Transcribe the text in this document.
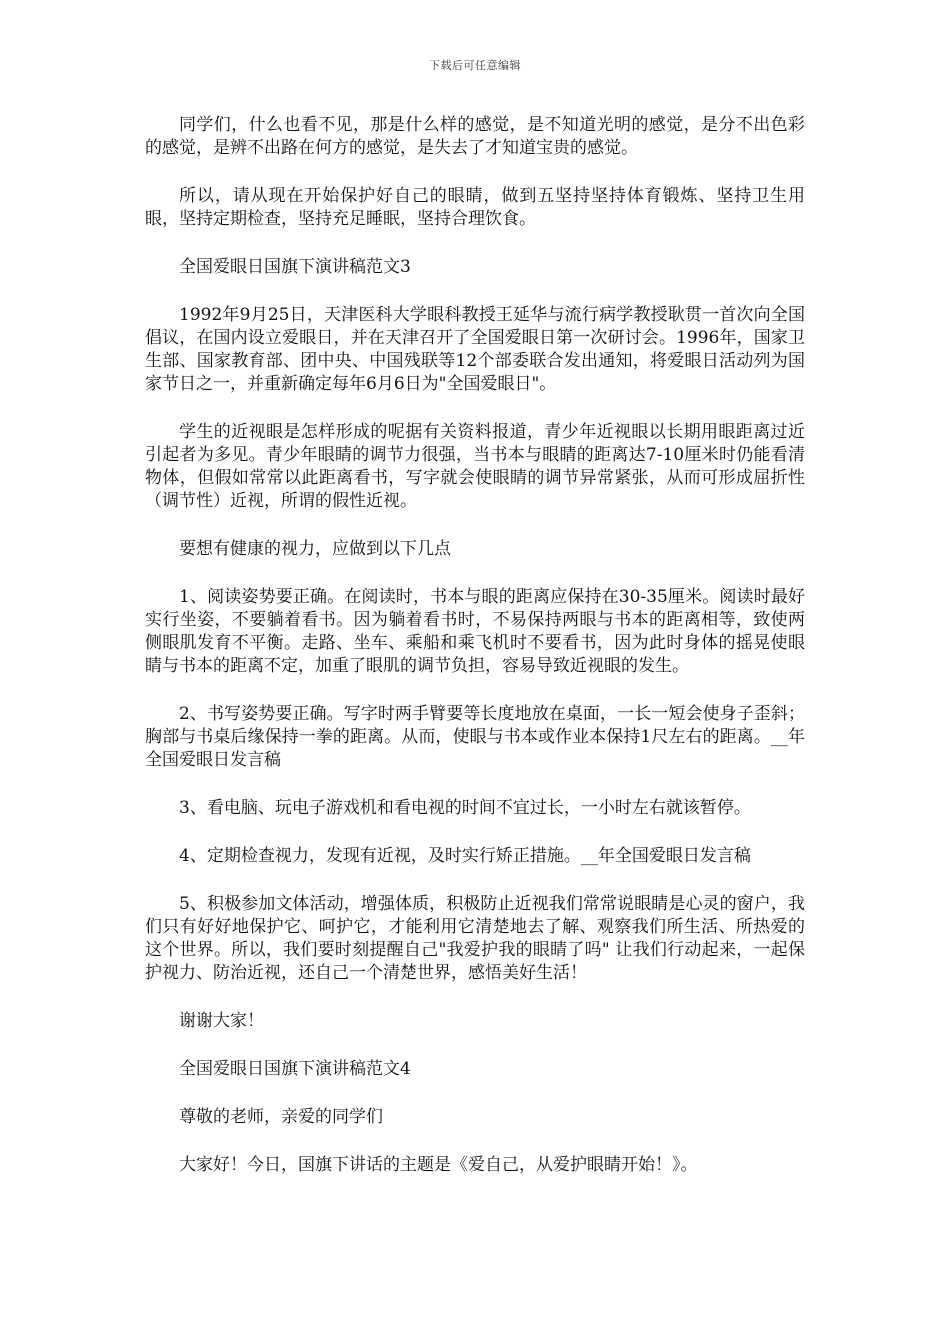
下载后可任意编辑

同学们，什么也看不见，那是什么样的感觉，是不知道光明的感觉，是分不出色彩的感觉，是辨不出路在何方的感觉，是失去了才知道宝贵的感觉。

所以，请从现在开始保护好自己的眼睛，做到五坚持坚持体育锻炼、坚持卫生用眼，坚持定期检查，坚持充足睡眠，坚持合理饮食。

全国爱眼日国旗下演讲稿范文3

1992年9月25日，天津医科大学眼科教授王延华与流行病学教授耿贯一首次向全国倡议，在国内设立爱眼日，并在天津召开了全国爱眼日第一次研讨会。1996年，国家卫生部、国家教育部、团中央、中国残联等12个部委联合发出通知，将爱眼日活动列为国家节日之一，并重新确定每年6月6日为"全国爱眼日"。

学生的近视眼是怎样形成的呢据有关资料报道，青少年近视眼以长期用眼距离过近引起者为多见。青少年眼睛的调节力很强，当书本与眼睛的距离达7-10厘米时仍能看清物体，但假如常常以此距离看书，写字就会使眼睛的调节异常紧张，从而可形成屈折性（调节性）近视，所谓的假性近视。

要想有健康的视力，应做到以下几点

1、阅读姿势要正确。在阅读时，书本与眼的距离应保持在30-35厘米。阅读时最好实行坐姿，不要躺着看书。因为躺着看书时，不易保持两眼与书本的距离相等，致使两侧眼肌发育不平衡。走路、坐车、乘船和乘飞机时不要看书，因为此时身体的摇晃使眼睛与书本的距离不定，加重了眼肌的调节负担，容易导致近视眼的发生。

2、书写姿势要正确。写字时两手臂要等长度地放在桌面，一长一短会使身子歪斜；胸部与书桌后缘保持一拳的距离。从而，使眼与书本或作业本保持1尺左右的距离。__年全国爱眼日发言稿

3、看电脑、玩电子游戏机和看电视的时间不宜过长，一小时左右就该暂停。

4、定期检查视力，发现有近视，及时实行矫正措施。__年全国爱眼日发言稿

5、积极参加文体活动，增强体质，积极防止近视我们常常说眼睛是心灵的窗户，我们只有好好地保护它、呵护它，才能利用它清楚地去了解、观察我们所生活、所热爱的这个世界。所以，我们要时刻提醒自己"我爱护我的眼睛了吗" 让我们行动起来，一起保护视力、防治近视，还自己一个清楚世界，感悟美好生活！

谢谢大家！

全国爱眼日国旗下演讲稿范文4

尊敬的老师，亲爱的同学们

大家好！今日，国旗下讲话的主题是《爱自己，从爱护眼睛开始！》。
